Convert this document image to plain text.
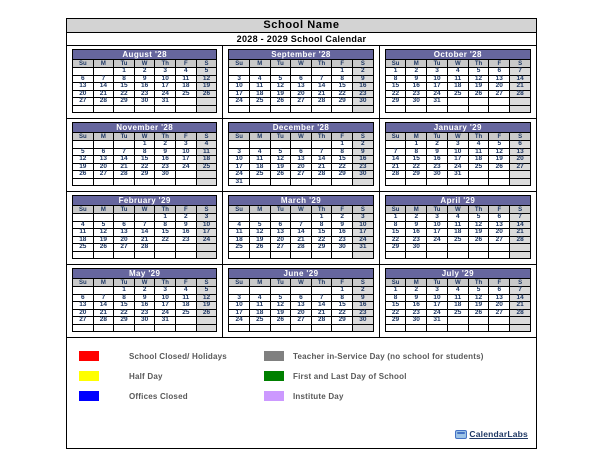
School Name
2028 - 2029 School Calendar
August '28						
Su	M	Tu	W	Th	F	S
		1	2	3	4	5
6	7	8	9	10	11	12
13	14	15	16	17	18	19
20	21	22	23	24	25	26
27	28	29	30	31		

September '28						
Su	M	Tu	W	Th	F	S
					1	2
3	4	5	6	7	8	9
10	11	12	13	14	15	16
17	18	19	20	21	22	23
24	25	26	27	28	29	30

October '28						
Su	M	Tu	W	Th	F	S
1	2	3	4	5	6	7
8	9	10	11	12	13	14
15	16	17	18	19	20	21
22	23	24	25	26	27	28
29	30	31				

November '28						
Su	M	Tu	W	Th	F	S
			1	2	3	4
5	6	7	8	9	10	11
12	13	14	15	16	17	18
19	20	21	22	23	24	25
26	27	28	29	30		

December '28						
Su	M	Tu	W	Th	F	S
					1	2
3	4	5	6	7	8	9
10	11	12	13	14	15	16
17	18	19	20	21	22	23
24	25	26	27	28	29	30
31						
January '29						
Su	M	Tu	W	Th	F	S
	1	2	3	4	5	6
7	8	9	10	11	12	13
14	15	16	17	18	19	20
21	22	23	24	25	26	27
28	29	30	31			

February '29						
Su	M	Tu	W	Th	F	S
				1	2	3
4	5	6	7	8	9	10
11	12	13	14	15	16	17
18	19	20	21	22	23	24
25	26	27	28			

March '29						
Su	M	Tu	W	Th	F	S
				1	2	3
4	5	6	7	8	9	10
11	12	13	14	15	16	17
18	19	20	21	22	23	24
25	26	27	28	29	30	31

April '29						
Su	M	Tu	W	Th	F	S
1	2	3	4	5	6	7
8	9	10	11	12	13	14
15	16	17	18	19	20	21
22	23	24	25	26	27	28
29	30					

May '29						
Su	M	Tu	W	Th	F	S
		1	2	3	4	5
6	7	8	9	10	11	12
13	14	15	16	17	18	19
20	21	22	23	24	25	26
27	28	29	30	31		

June '29						
Su	M	Tu	W	Th	F	S
					1	2
3	4	5	6	7	8	9
10	11	12	13	14	15	16
17	18	19	20	21	22	23
24	25	26	27	28	29	30

July '29						
Su	M	Tu	W	Th	F	S
1	2	3	4	5	6	7
8	9	10	11	12	13	14
15	16	17	18	19	20	21
22	23	24	25	26	27	28
29	30	31				

School Closed/ Holidays
Half Day
Offices Closed
Teacher in-Service Day (no school for students)
First and Last Day of School
Institute Day
CalendarLabs
